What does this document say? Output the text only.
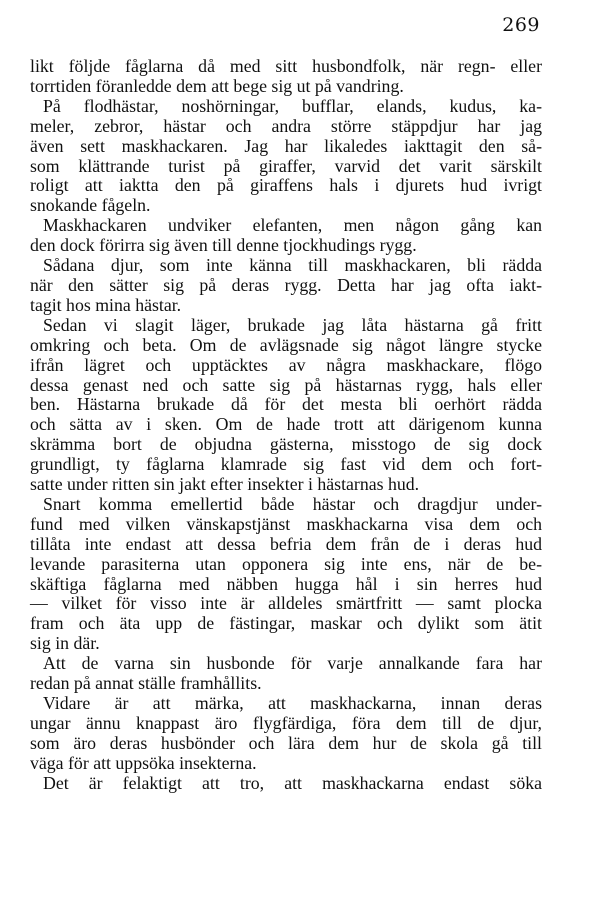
269
likt följde fåglarna då med sitt husbondfolk, när regn- eller
torrtiden föranledde dem att bege sig ut på vandring.
På flodhästar, noshörningar, bufflar, elands, kudus, ka-
meler, zebror, hästar och andra större stäppdjur har jag
även sett maskhackaren. Jag har likaledes iakttagit den så-
som klättrande turist på giraffer, varvid det varit särskilt
roligt att iaktta den på giraffens hals i djurets hud ivrigt
snokande fågeln.
Maskhackaren undviker elefanten, men någon gång kan
den dock förirra sig även till denne tjockhudings rygg.
Sådana djur, som inte känna till maskhackaren, bli rädda
när den sätter sig på deras rygg. Detta har jag ofta iakt-
tagit hos mina hästar.
Sedan vi slagit läger, brukade jag låta hästarna gå fritt
omkring och beta. Om de avlägsnade sig något längre stycke
ifrån lägret och upptäcktes av några maskhackare, flögo
dessa genast ned och satte sig på hästarnas rygg, hals eller
ben. Hästarna brukade då för det mesta bli oerhört rädda
och sätta av i sken. Om de hade trott att därigenom kunna
skrämma bort de objudna gästerna, misstogo de sig dock
grundligt, ty fåglarna klamrade sig fast vid dem och fort-
satte under ritten sin jakt efter insekter i hästarnas hud.
Snart komma emellertid både hästar och dragdjur under-
fund med vilken vänskapstjänst maskhackarna visa dem och
tillåta inte endast att dessa befria dem från de i deras hud
levande parasiterna utan opponera sig inte ens, när de be-
skäftiga fåglarna med näbben hugga hål i sin herres hud
— vilket för visso inte är alldeles smärtfritt — samt plocka
fram och äta upp de fästingar, maskar och dylikt som ätit
sig in där.
Att de varna sin husbonde för varje annalkande fara har
redan på annat ställe framhållits.
Vidare är att märka, att maskhackarna, innan deras
ungar ännu knappast äro flygfärdiga, föra dem till de djur,
som äro deras husbönder och lära dem hur de skola gå till
väga för att uppsöka insekterna.
Det är felaktigt att tro, att maskhackarna endast söka
